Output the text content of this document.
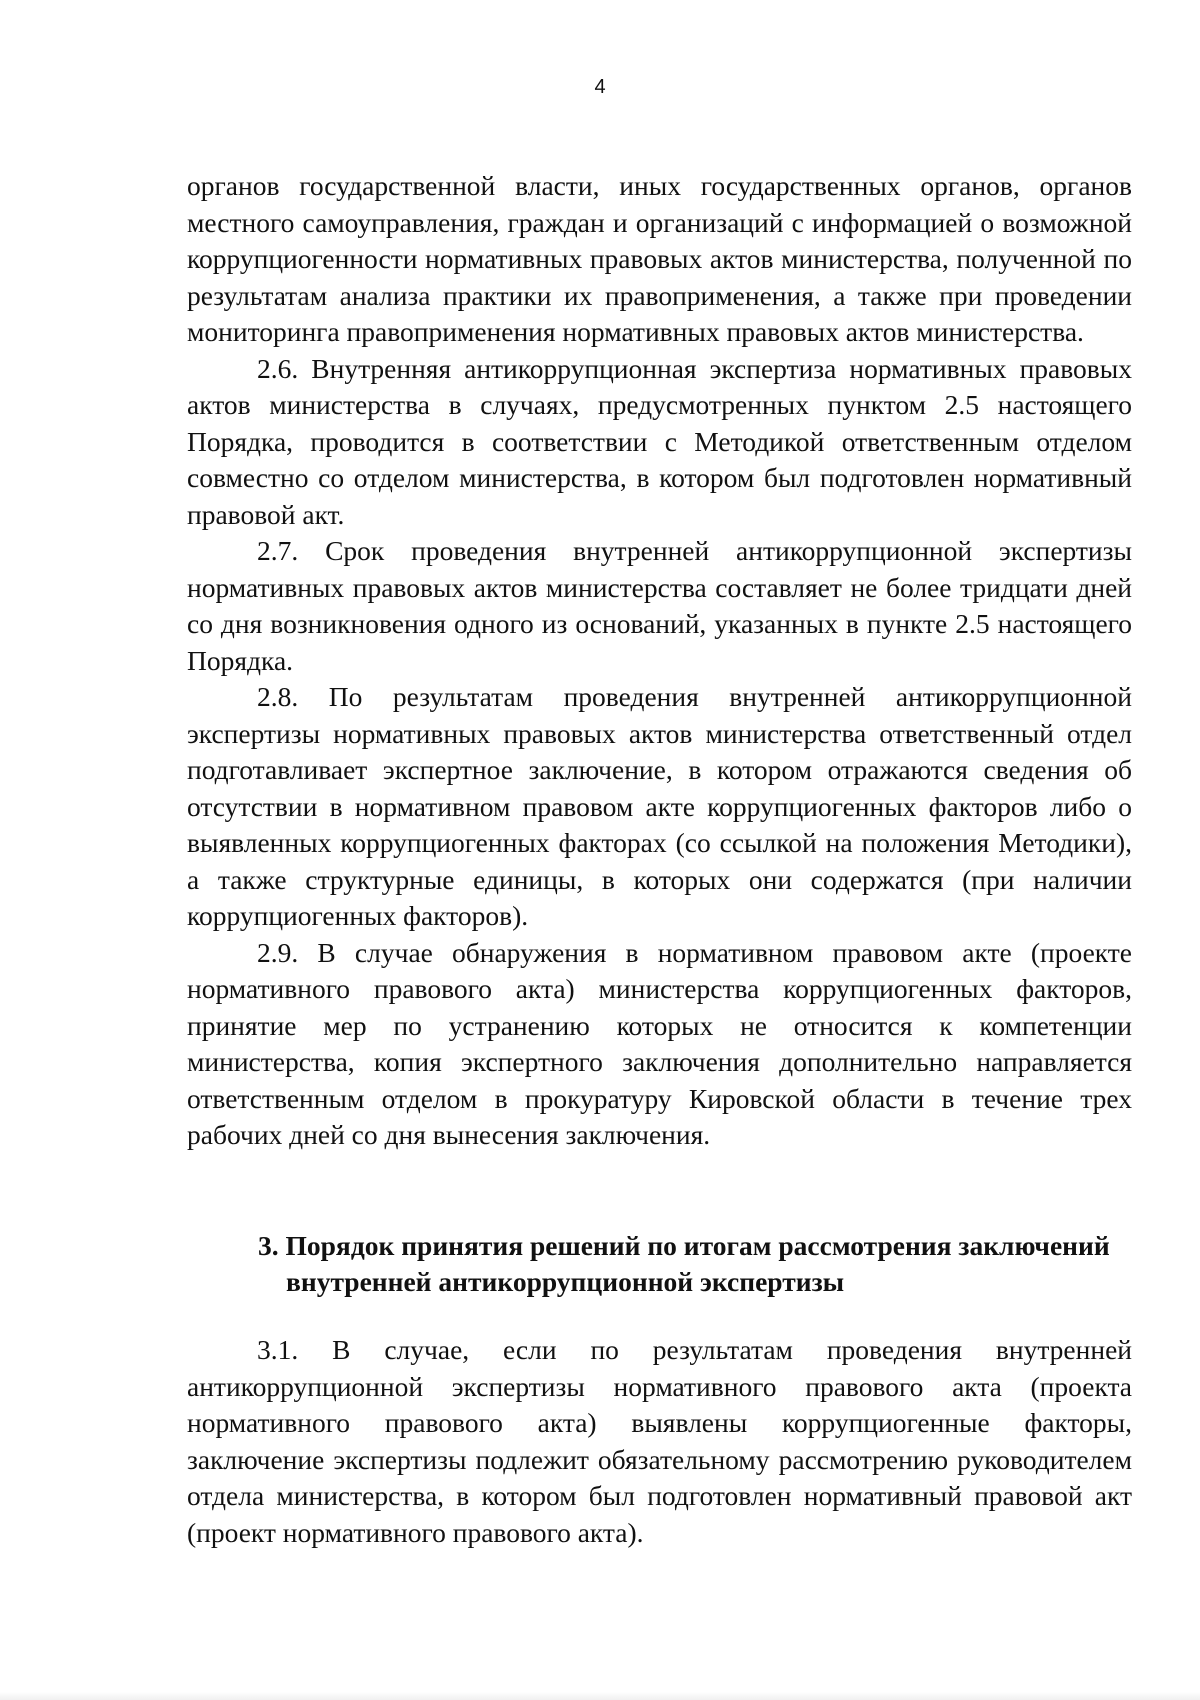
4

органов государственной власти, иных государственных органов, органов местного самоуправления, граждан и организаций с информацией о возможной коррупциогенности нормативных правовых актов министерства, полученной по результатам анализа практики их правоприменения, а также при проведении мониторинга правоприменения нормативных правовых актов министерства.

2.6. Внутренняя антикоррупционная экспертиза нормативных правовых актов министерства в случаях, предусмотренных пунктом 2.5 настоящего Порядка, проводится в соответствии с Методикой ответственным отделом совместно со отделом министерства, в котором был подготовлен нормативный правовой акт.

2.7. Срок проведения внутренней антикоррупционной экспертизы нормативных правовых актов министерства составляет не более тридцати дней со дня возникновения одного из оснований, указанных в пункте 2.5 настоящего Порядка.

2.8. По результатам проведения внутренней антикоррупционной экспертизы нормативных правовых актов министерства ответственный отдел подготавливает экспертное заключение, в котором отражаются сведения об отсутствии в нормативном правовом акте коррупциогенных факторов либо о выявленных коррупциогенных факторах (со ссылкой на положения Методики), а также структурные единицы, в которых они содержатся (при наличии коррупциогенных факторов).

2.9. В случае обнаружения в нормативном правовом акте (проекте нормативного правового акта) министерства коррупциогенных факторов, принятие мер по устранению которых не относится к компетенции министерства, копия экспертного заключения дополнительно направляется ответственным отделом в прокуратуру Кировской области в течение трех рабочих дней со дня вынесения заключения.

3. Порядок принятия решений по итогам рассмотрения заключений
внутренней антикоррупционной экспертизы

3.1. В случае, если по результатам проведения внутренней антикоррупционной экспертизы нормативного правового акта (проекта нормативного правового акта) выявлены коррупциогенные факторы, заключение экспертизы подлежит обязательному рассмотрению руководителем отдела министерства, в котором был подготовлен нормативный правовой акт (проект нормативного правового акта).
